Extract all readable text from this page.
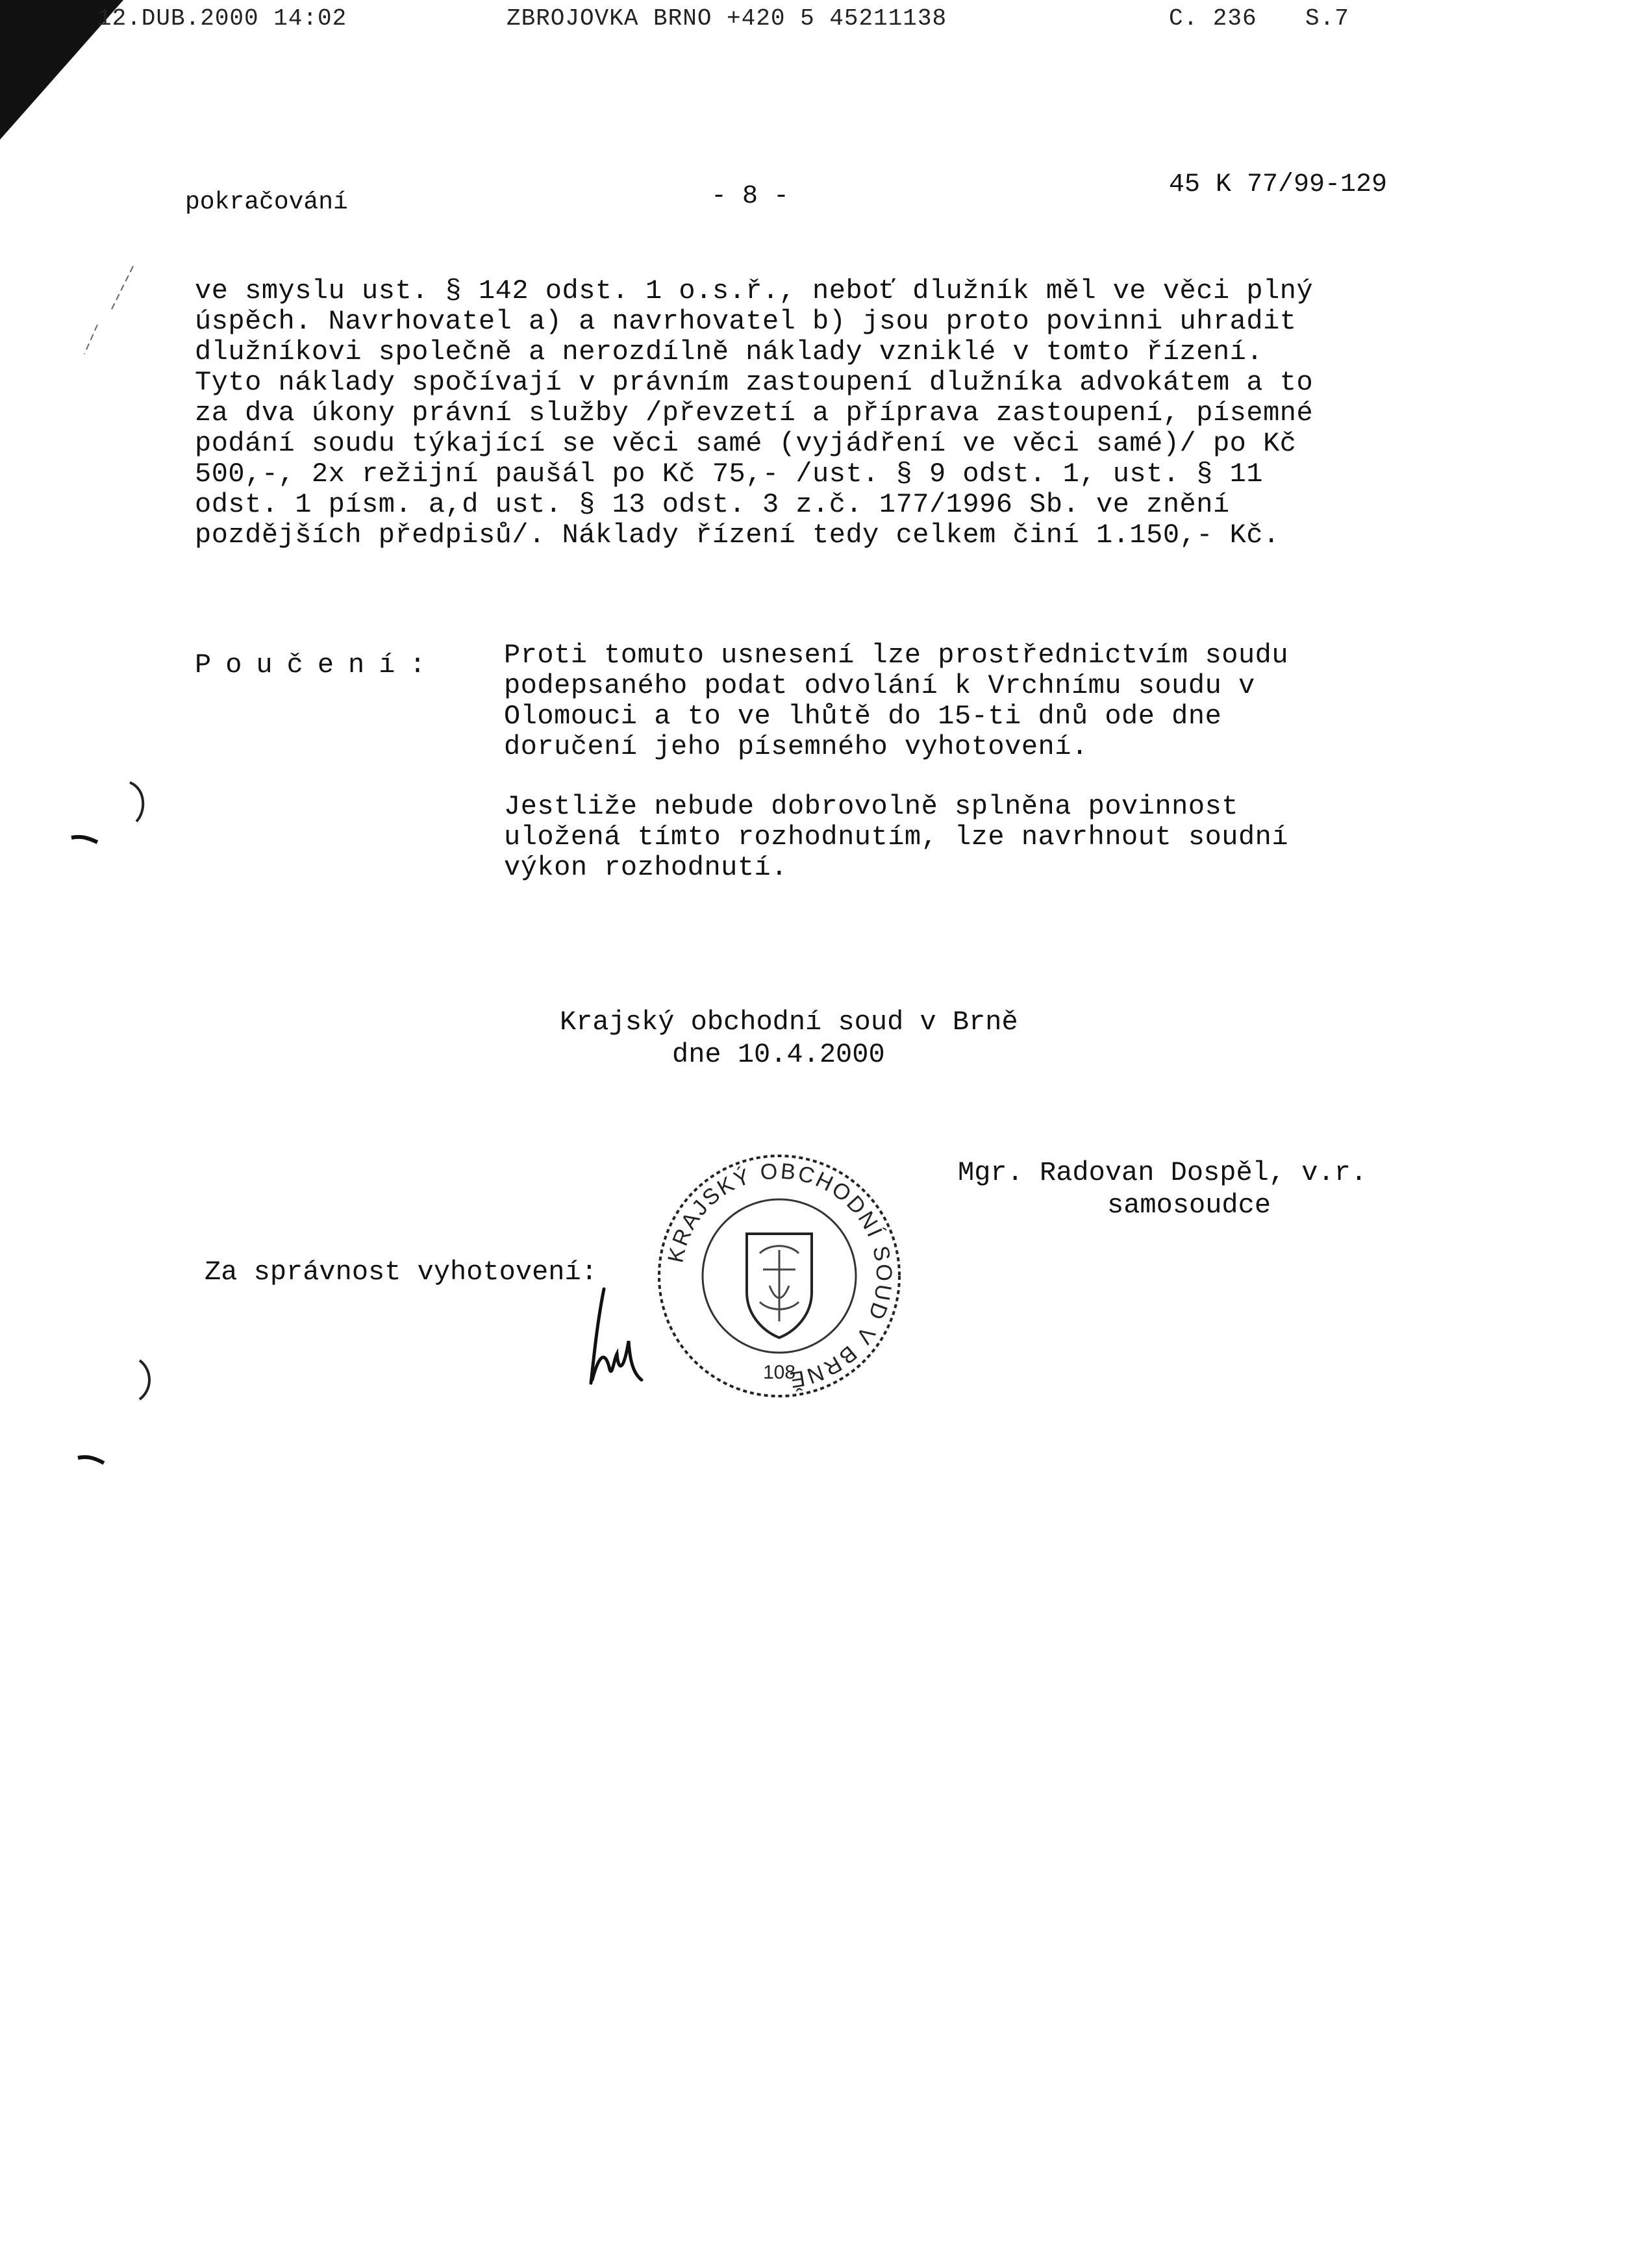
12.DUB.2000 14:02	ZBROJOVKA BRNO +420 5 45211138	C. 236 S.7
pokračování	- 8 -	45 K 77/99-129
ve smyslu ust. § 142 odst. 1 o.s.ř., neboť dlužník měl ve věci plný
úspěch. Navrhovatel a) a navrhovatel b) jsou proto povinni uhradit
dlužníkovi společně a nerozdílně náklady vzniklé v tomto řízení.
Tyto náklady spočívají v právním zastoupení dlužníka advokátem a to
za dva úkony právní služby /převzetí a příprava zastoupení, písemné
podání soudu týkající se věci samé (vyjádření ve věci samé)/ po Kč
500,-, 2x režijní paušál po Kč 75,- /ust. § 9 odst. 1, ust. § 11
odst. 1 písm. a,d ust. § 13 odst. 3 z.č. 177/1996 Sb. ve znění
pozdějších předpisů/. Náklady řízení tedy celkem činí 1.150,- Kč.
Poučení: Proti tomuto usnesení lze prostřednictvím soudu
podepsaného podat odvolání k Vrchnímu soudu v
Olomouci a to ve lhůtě do 15-ti dnů ode dne
doručení jeho písemného vyhotovení.
Jestliže nebude dobrovolně splněna povinnost
uložená tímto rozhodnutím, lze navrhnout soudní
výkon rozhodnutí.
Krajský obchodní soud v Brně
dne 10.4.2000
Mgr. Radovan Dospěl, v.r.
samosoudce
Za správnost vyhotovení:
KRAJSKÝ OBCHODNÍ SOUD V BRNĚ
108
